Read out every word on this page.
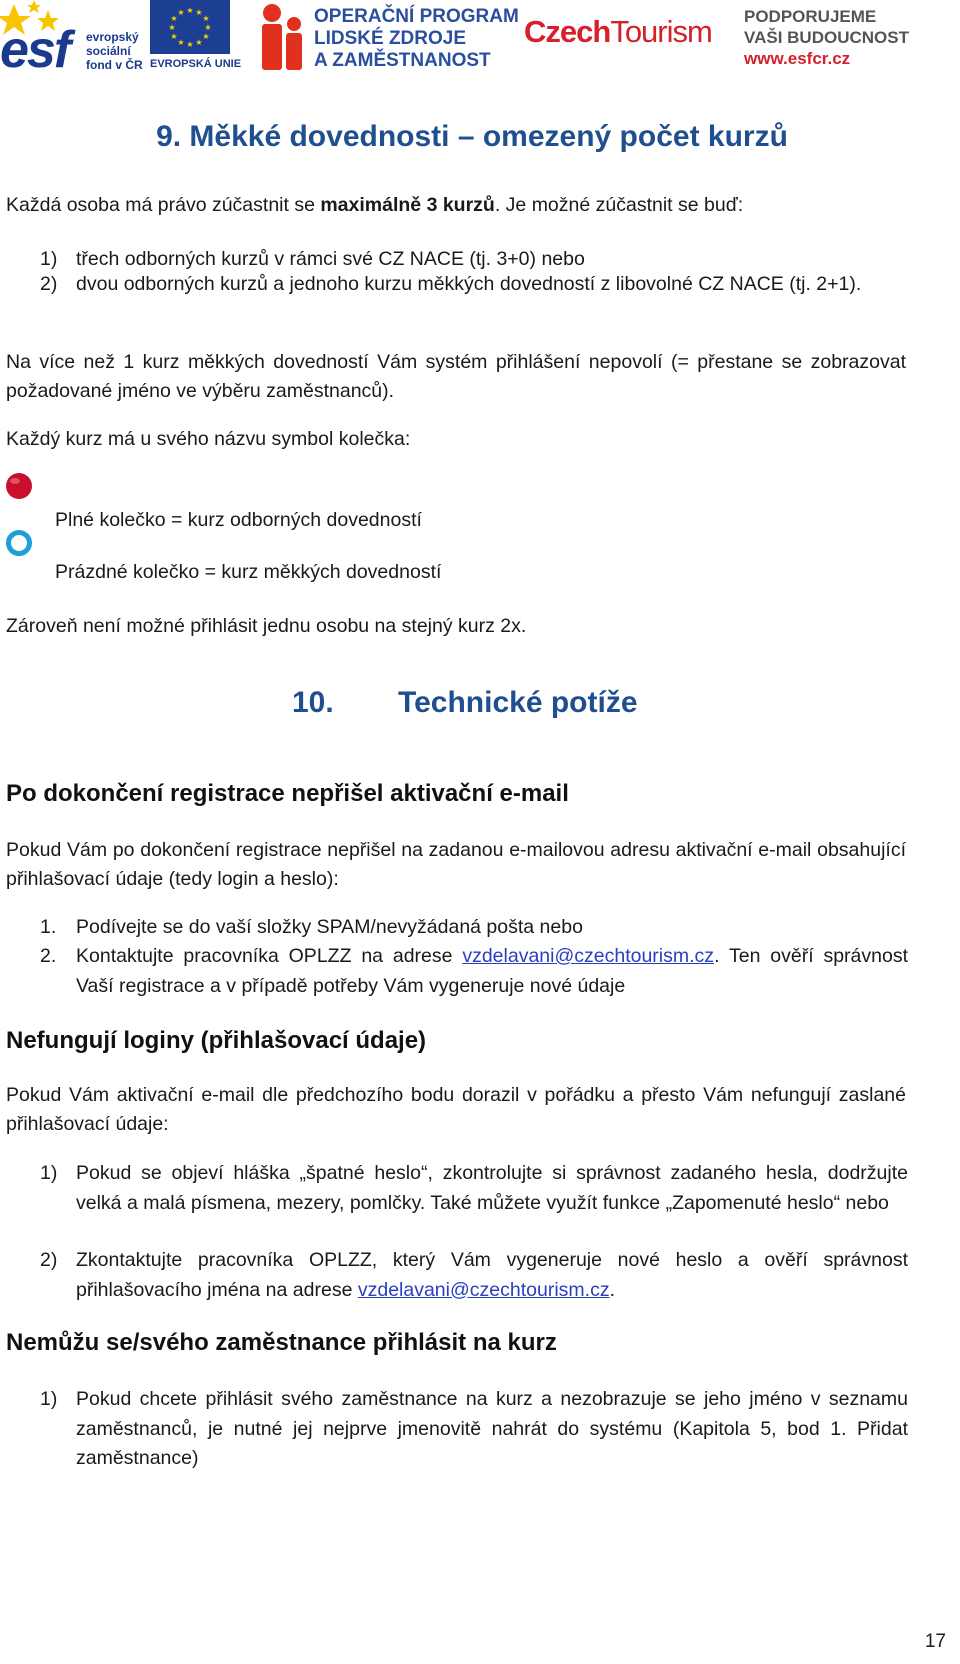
esf evropský
sociální
fond v ČR
★ ★
★
★
★
★
★
★
★
★
★
★
EVROPSKÁ UNIE
OPERAČNÍ PROGRAM
LIDSKÉ ZDROJE
A ZAMĚSTNANOST
CzechTourism PODPORUJEME
VAŠI BUDOUCNOST
www.esfcr.cz
9. Měkké dovednosti – omezený počet kurzů
Každá osoba má právo zúčastnit se maximálně 3 kurzů. Je možné zúčastnit se buď:
1) třech odborných kurzů v rámci své CZ NACE (tj. 3+0) nebo
2) dvou odborných kurzů a jednoho kurzu měkkých dovedností z libovolné CZ NACE (tj. 2+1).
Na více než 1 kurz měkkých dovedností Vám systém přihlášení nepovolí (= přestane se zobrazovat požadované jméno ve výběru zaměstnanců).
Každý kurz má u svého názvu symbol kolečka:
Plné kolečko = kurz odborných dovedností
Prázdné kolečko = kurz měkkých dovedností
Zároveň není možné přihlásit jednu osobu na stejný kurz 2x.
10. Technické potíže
Po dokončení registrace nepřišel aktivační e-mail
Pokud Vám po dokončení registrace nepřišel na zadanou e-mailovou adresu aktivační e-mail obsahující přihlašovací údaje (tedy login a heslo):
1. Podívejte se do vaší složky SPAM/nevyžádaná pošta nebo
2. Kontaktujte pracovníka OPLZZ na adrese vzdelavani@czechtourism.cz. Ten ověří správnost Vaší registrace a v případě potřeby Vám vygeneruje nové údaje
Nefungují loginy (přihlašovací údaje)
Pokud Vám aktivační e-mail dle předchozího bodu dorazil v pořádku a přesto Vám nefungují zaslané přihlašovací údaje:
1) Pokud se objeví hláška „špatné heslo“, zkontrolujte si správnost zadaného hesla, dodržujte velká a malá písmena, mezery, pomlčky. Také můžete využít funkce „Zapomenuté heslo“ nebo
2) Zkontaktujte pracovníka OPLZZ, který Vám vygeneruje nové heslo a ověří správnost přihlašovacího jména na adrese vzdelavani@czechtourism.cz.
Nemůžu se/svého zaměstnance přihlásit na kurz
1) Pokud chcete přihlásit svého zaměstnance na kurz a nezobrazuje se jeho jméno v seznamu zaměstnanců, je nutné jej nejprve jmenovitě nahrát do systému (Kapitola 5, bod 1. Přidat zaměstnance)
17
